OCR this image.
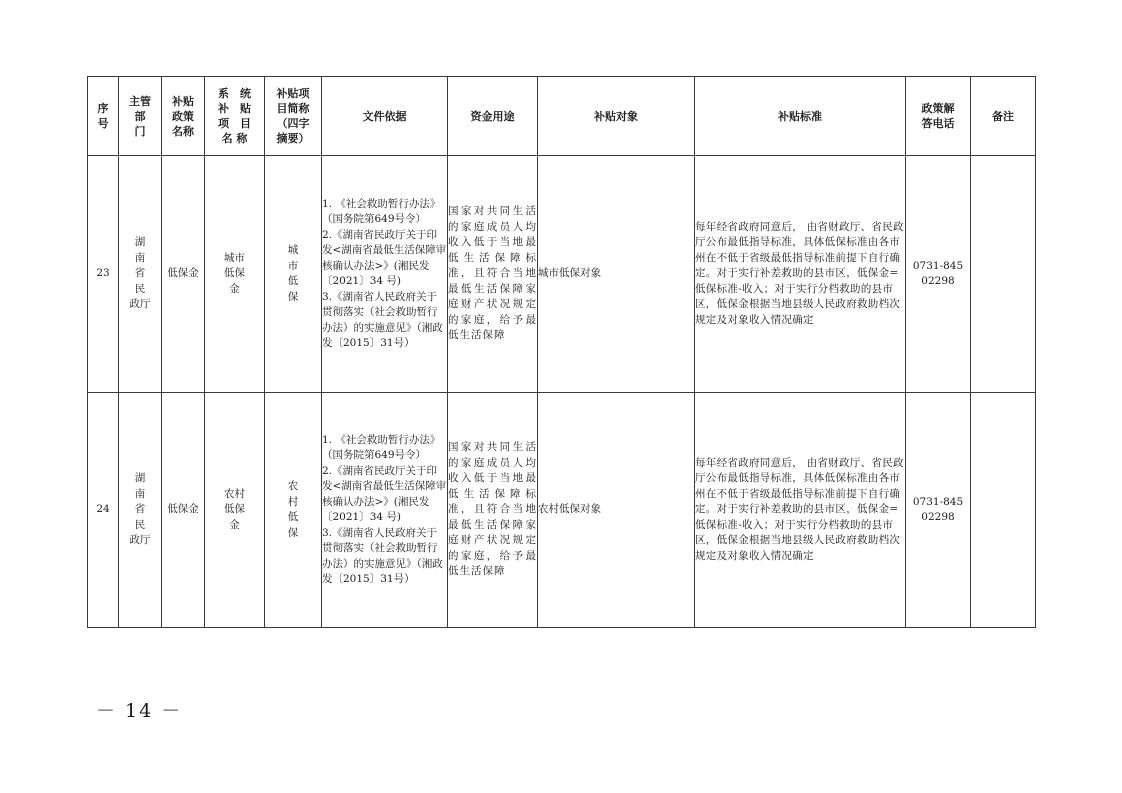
序
号	主管
部
门	补贴
政策
名称	系　统
补　贴
项　目
名 称	补贴项
目简称
（四字
摘要）	文件依据	资金用途	补贴对象	补贴标准	政策解
答电话	备注
23	湖
南
省
民
政厅	低保金	城市
低保
金	城
市
低
保	1. 《社会救助暂行办法》（国务院第649号令）
2.《湖南省民政厅关于印发<湖南省最低生活保障审核确认办法>》(湘民发〔2021〕34 号)
3.《湖南省人民政府关于贯彻落实（社会救助暂行办法）的实施意见》（湘政发〔2015〕31号）	国家对共同生活的家庭成员人均收入低于当地最低生活保障标准，且符合当地最低生活保障家庭财产状况规定的家庭，给予最低生活保障	城市低保对象	每年经省政府同意后， 由省财政厅、省民政厅公布最低指导标准，具体低保标准由各市州在不低于省级最低指导标准前提下自行确定。对于实行补差救助的县市区，低保金=低保标准-收入；对于实行分档救助的县市区，低保金根据当地县级人民政府救助档次规定及对象收入情况确定	0731-845
02298	
24	湖
南
省
民
政厅	低保金	农村
低保
金	农
村
低
保	1. 《社会救助暂行办法》（国务院第649号令）
2.《湖南省民政厅关于印发<湖南省最低生活保障审核确认办法>》(湘民发〔2021〕34 号)
3.《湖南省人民政府关于贯彻落实（社会救助暂行办法）的实施意见》（湘政发〔2015〕31号）	国家对共同生活的家庭成员人均收入低于当地最低生活保障标准，且符合当地最低生活保障家庭财产状况规定的家庭，给予最低生活保障	农村低保对象	每年经省政府同意后， 由省财政厅、省民政厅公布最低指导标准，具体低保标准由各市州在不低于省级最低指导标准前提下自行确定。对于实行补差救助的县市区，低保金=低保标准-收入；对于实行分档救助的县市区，低保金根据当地县级人民政府救助档次规定及对象收入情况确定	0731-845
02298	
－ 14 －
